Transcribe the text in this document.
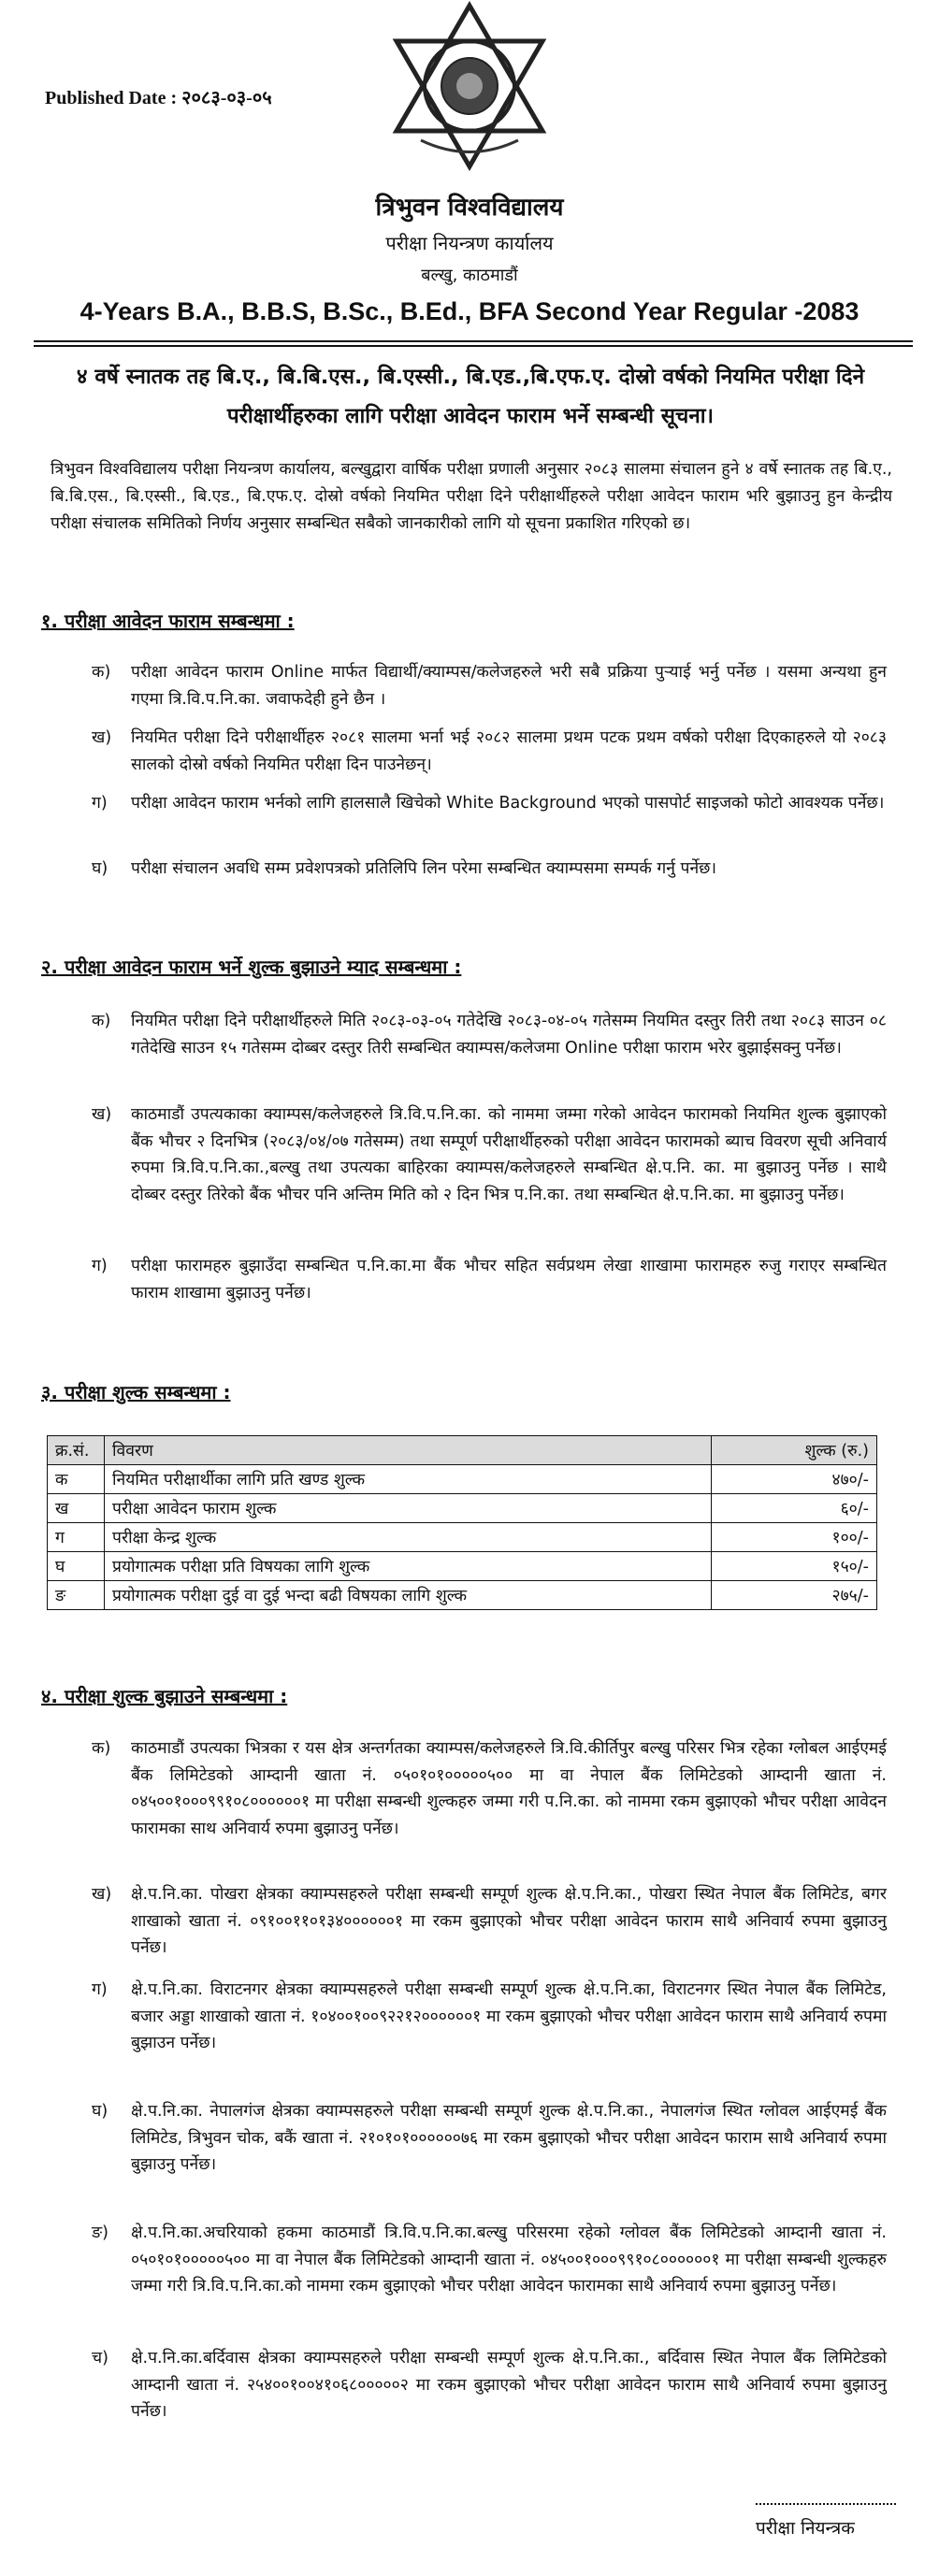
Published Date : २०८३-०३-०५
त्रिभुवन विश्वविद्यालय
परीक्षा नियन्त्रण कार्यालय
बल्खु, काठमाडौं
4-Years B.A., B.B.S, B.Sc., B.Ed., BFA Second Year Regular -2083
४ वर्षे स्नातक तह बि.ए., बि.बि.एस., बि.एस्सी., बि.एड.,बि.एफ.ए. दोस्रो वर्षको नियमित परीक्षा दिने परीक्षार्थीहरुका लागि परीक्षा आवेदन फाराम भर्ने सम्बन्धी सूचना।
त्रिभुवन विश्वविद्यालय परीक्षा नियन्त्रण कार्यालय, बल्खुद्वारा वार्षिक परीक्षा प्रणाली अनुसार २०८३ सालमा संचालन हुने ४ वर्षे स्नातक तह बि.ए., बि.बि.एस., बि.एस्सी., बि.एड., बि.एफ.ए. दोस्रो वर्षको नियमित परीक्षा दिने परीक्षार्थीहरुले परीक्षा आवेदन फाराम भरि बुझाउनु हुन केन्द्रीय परीक्षा संचालक समितिको निर्णय अनुसार सम्बन्धित सबैको जानकारीको लागि यो सूचना प्रकाशित गरिएको छ।
१. परीक्षा आवेदन फाराम सम्बन्धमा :
क)	परीक्षा आवेदन फाराम Online मार्फत विद्यार्थी/क्याम्पस/कलेजहरुले भरी सबै प्रक्रिया पुऱ्याई भर्नु पर्नेछ । यसमा अन्यथा हुन गएमा त्रि.वि.प.नि.का. जवाफदेही हुने छैन ।
ख)	नियमित परीक्षा दिने परीक्षार्थीहरु २०८१ सालमा भर्ना भई २०८२ सालमा प्रथम पटक प्रथम वर्षको परीक्षा दिएकाहरुले यो २०८३ सालको दोस्रो वर्षको नियमित परीक्षा दिन पाउनेछन्।
ग)	परीक्षा आवेदन फाराम भर्नको लागि हालसालै खिचेको White Background भएको पासपोर्ट साइजको फोटो आवश्यक पर्नेछ।
घ)	परीक्षा संचालन अवधि सम्म प्रवेशपत्रको प्रतिलिपि लिन परेमा सम्बन्धित क्याम्पसमा सम्पर्क गर्नु पर्नेछ।
२. परीक्षा आवेदन फाराम भर्ने शुल्क बुझाउने म्याद सम्बन्धमा :
क)	नियमित परीक्षा दिने परीक्षार्थीहरुले मिति २०८३-०३-०५ गतेदेखि २०८३-०४-०५ गतेसम्म नियमित दस्तुर तिरी तथा २०८३ साउन ०८ गतेदेखि साउन १५ गतेसम्म दोब्बर दस्तुर तिरी सम्बन्धित क्याम्पस/कलेजमा Online परीक्षा फाराम भरेर बुझाईसक्नु पर्नेछ।
ख)	काठमाडौं उपत्यकाका क्याम्पस/कलेजहरुले त्रि.वि.प.नि.का. को नाममा जम्मा गरेको आवेदन फारामको नियमित शुल्क बुझाएको बैंक भौचर २ दिनभित्र (२०८३/०४/०७ गतेसम्म) तथा सम्पूर्ण परीक्षार्थीहरुको परीक्षा आवेदन फारामको ब्याच विवरण सूची अनिवार्य रुपमा त्रि.वि.प.नि.का.,बल्खु तथा उपत्यका बाहिरका क्याम्पस/कलेजहरुले सम्बन्धित क्षे.प.नि. का. मा बुझाउनु पर्नेछ । साथै दोब्बर दस्तुर तिरेको बैंक भौचर पनि अन्तिम मिति को २ दिन भित्र प.नि.का. तथा सम्बन्धित क्षे.प.नि.का. मा बुझाउनु पर्नेछ।
ग)	परीक्षा फारामहरु बुझाउँदा सम्बन्धित प.नि.का.मा बैंक भौचर सहित सर्वप्रथम लेखा शाखामा फारामहरु रुजु गराएर सम्बन्धित फाराम शाखामा बुझाउनु पर्नेछ।
३. परीक्षा शुल्क सम्बन्धमा :
क्र.सं.	विवरण	शुल्क (रु.)
क	नियमित परीक्षार्थीका लागि प्रति खण्ड शुल्क	४७०/-
ख	परीक्षा आवेदन फाराम शुल्क	६०/-
ग	परीक्षा केन्द्र शुल्क	१००/-
घ	प्रयोगात्मक परीक्षा प्रति विषयका लागि शुल्क	१५०/-
ङ	प्रयोगात्मक परीक्षा दुई वा दुई भन्दा बढी विषयका लागि शुल्क	२७५/-
४. परीक्षा शुल्क बुझाउने सम्बन्धमा :
क)	काठमाडौं उपत्यका भित्रका र यस क्षेत्र अन्तर्गतका क्याम्पस/कलेजहरुले त्रि.वि.कीर्तिपुर बल्खु परिसर भित्र रहेका ग्लोबल आईएमई बैंक लिमिटेडको आम्दानी खाता नं. ०५०१०१०००००५०० मा वा नेपाल बैंक लिमिटेडको आम्दानी खाता नं. ०४५००१०००९९१०८००००००१ मा परीक्षा सम्बन्धी शुल्कहरु जम्मा गरी प.नि.का. को नाममा रकम बुझाएको भौचर परीक्षा आवेदन फारामका साथ अनिवार्य रुपमा बुझाउनु पर्नेछ।
ख)	क्षे.प.नि.का. पोखरा क्षेत्रका क्याम्पसहरुले परीक्षा सम्बन्धी सम्पूर्ण शुल्क क्षे.प.नि.का., पोखरा स्थित नेपाल बैंक लिमिटेड, बगर शाखाको खाता नं. ०९१००११०१३४००००००१ मा रकम बुझाएको भौचर परीक्षा आवेदन फाराम साथै अनिवार्य रुपमा बुझाउनु पर्नेछ।
ग)	क्षे.प.नि.का. विराटनगर क्षेत्रका क्याम्पसहरुले परीक्षा सम्बन्धी सम्पूर्ण शुल्क क्षे.प.नि.का, विराटनगर स्थित नेपाल बैंक लिमिटेड, बजार अड्डा शाखाको खाता नं. १०४००१००९२२१२००००००१ मा रकम बुझाएको भौचर परीक्षा आवेदन फाराम साथै अनिवार्य रुपमा बुझाउन पर्नेछ।
घ)	क्षे.प.नि.का. नेपालगंज क्षेत्रका क्याम्पसहरुले परीक्षा सम्बन्धी सम्पूर्ण शुल्क क्षे.प.नि.का., नेपालगंज स्थित ग्लोवल आईएमई बैंक लिमिटेड, त्रिभुवन चोक, बकैं खाता नं. २१०१०१००००००७६ मा रकम बुझाएको भौचर परीक्षा आवेदन फाराम साथै अनिवार्य रुपमा बुझाउनु पर्नेछ।
ङ)	क्षे.प.नि.का.अचरियाको हकमा काठमाडौं त्रि.वि.प.नि.का.बल्खु परिसरमा रहेको ग्लोवल बैंक लिमिटेडको आम्दानी खाता नं. ०५०१०१०००००५०० मा वा नेपाल बैंक लिमिटेडको आम्दानी खाता नं. ०४५००१०००९९१०८००००००१ मा परीक्षा सम्बन्धी शुल्कहरु जम्मा गरी त्रि.वि.प.नि.का.को नाममा रकम बुझाएको भौचर परीक्षा आवेदन फारामका साथै अनिवार्य रुपमा बुझाउनु पर्नेछ।
च)	क्षे.प.नि.का.बर्दिवास क्षेत्रका क्याम्पसहरुले परीक्षा सम्बन्धी सम्पूर्ण शुल्क क्षे.प.नि.का., बर्दिवास स्थित नेपाल बैंक लिमिटेडको आम्दानी खाता नं. २५४००१००४१०६८०००००२ मा रकम बुझाएको भौचर परीक्षा आवेदन फाराम साथै अनिवार्य रुपमा बुझाउनु पर्नेछ।
परीक्षा नियन्त्रक
